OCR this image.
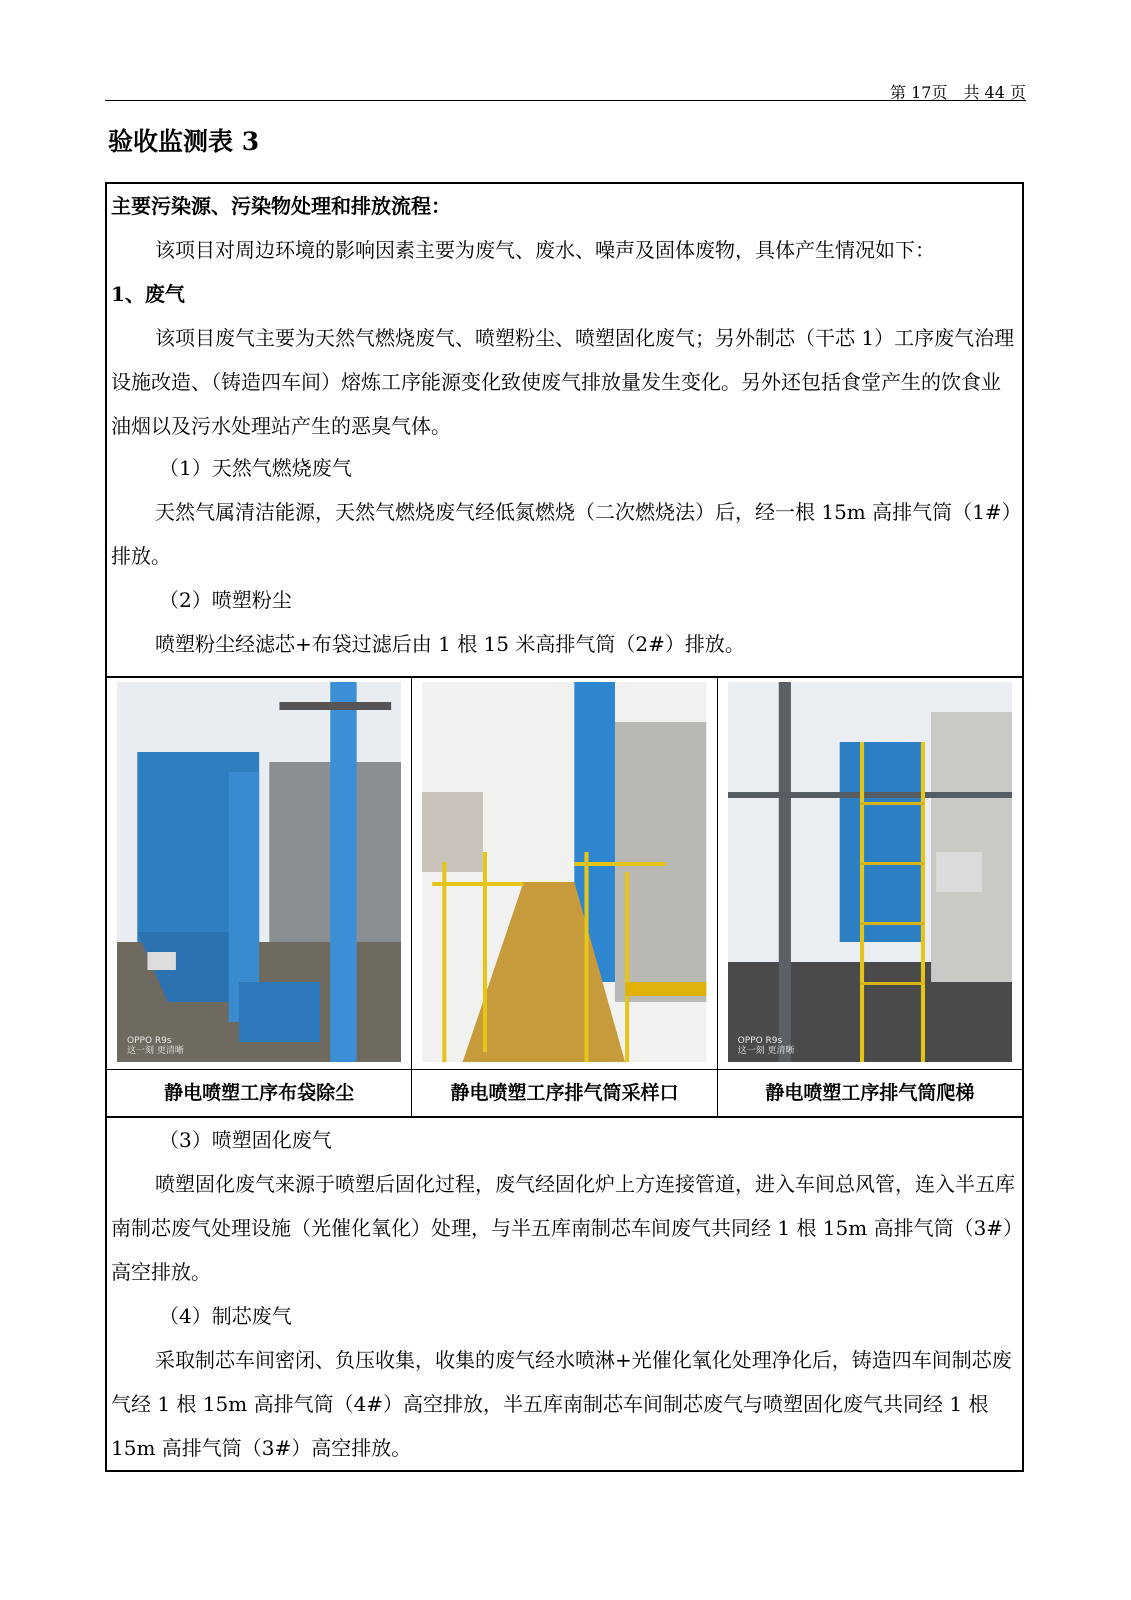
第 17页　共 44 页
验收监测表 3

主要污染源、污染物处理和排放流程：

该项目对周边环境的影响因素主要为废气、废水、噪声及固体废物，具体产生情况如下：

1、废气

该项目废气主要为天然气燃烧废气、喷塑粉尘、喷塑固化废气；另外制芯（干芯 1）工序废气治理设施改造、（铸造四车间）熔炼工序能源变化致使废气排放量发生变化。另外还包括食堂产生的饮食业油烟以及污水处理站产生的恶臭气体。

（1）天然气燃烧废气

天然气属清洁能源，天然气燃烧废气经低氮燃烧（二次燃烧法）后，经一根 15m 高排气筒（1#）排放。

（2）喷塑粉尘

喷塑粉尘经滤芯+布袋过滤后由 1 根 15 米高排气筒（2#）排放。

OPPO R9s
这一刻 更清晰
静电喷塑工序布袋除尘	静电喷塑工序排气筒采样口
OPPO R9s
这一刻 更清晰
静电喷塑工序排气筒爬梯

（3）喷塑固化废气

喷塑固化废气来源于喷塑后固化过程，废气经固化炉上方连接管道，进入车间总风管，连入半五库南制芯废气处理设施（光催化氧化）处理，与半五库南制芯车间废气共同经 1 根 15m 高排气筒（3#）高空排放。

（4）制芯废气

采取制芯车间密闭、负压收集，收集的废气经水喷淋+光催化氧化处理净化后，铸造四车间制芯废气经 1 根 15m 高排气筒（4#）高空排放，半五库南制芯车间制芯废气与喷塑固化废气共同经 1 根 15m 高排气筒（3#）高空排放。
